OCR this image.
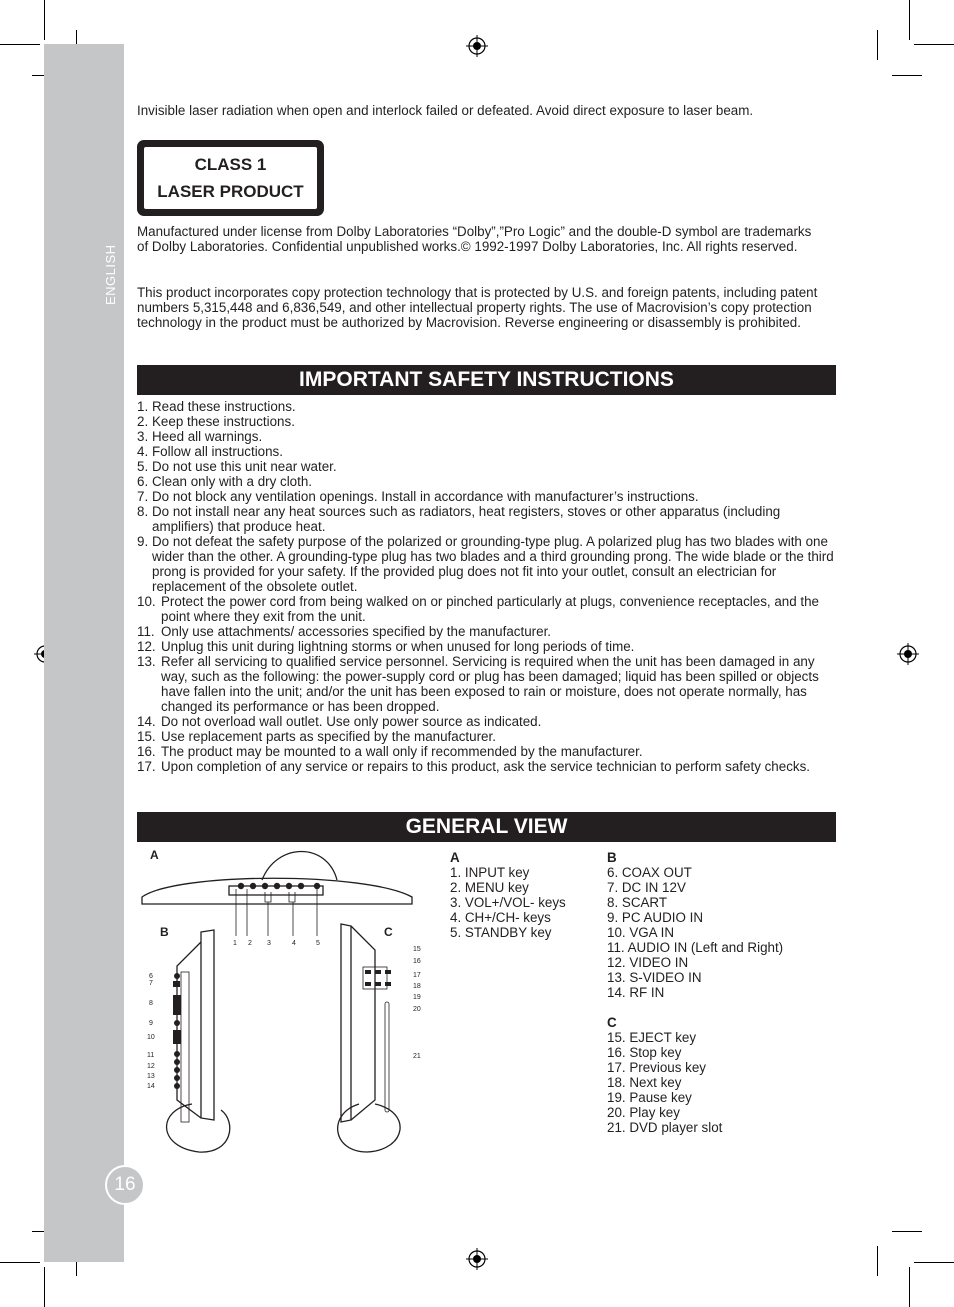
ENGLISH
16

Invisible laser radiation when open and interlock failed or defeated. Avoid direct exposure to laser beam.

CLASS 1
LASER PRODUCT

Manufactured under license from Dolby Laboratories “Dolby”,”Pro Logic” and the double-D symbol are trademarks of Dolby Laboratories. Confidential unpublished works.© 1992-1997 Dolby Laboratories, Inc. All rights reserved.

This product incorporates copy protection technology that is protected by U.S. and foreign patents, including patent numbers 5,315,448 and 6,836,549, and other intellectual property rights. The use of Macrovision’s copy protection technology in the product must be authorized by Macrovision. Reverse engineering or disassembly is prohibited.

IMPORTANT SAFETY INSTRUCTIONS
1. Read these instructions.
2. Keep these instructions.
3. Heed all warnings.
4. Follow all instructions.
5. Do not use this unit near water.
6. Clean only with a dry cloth.
7. Do not block any ventilation openings. Install in accordance with manufacturer’s instructions.
8. Do not install near any heat sources such as radiators, heat registers, stoves or other apparatus (including amplifiers) that produce heat.
9. Do not defeat the safety purpose of the polarized or grounding-type plug. A polarized plug has two blades with one wider than the other. A grounding-type plug has two blades and a third grounding prong. The wide blade or the third prong is provided for your safety. If the provided plug does not fit into your outlet, consult an electrician for replacement of the obsolete outlet.
10. Protect the power cord from being walked on or pinched particularly at plugs, convenience receptacles, and the point where they exit from the unit.
11. Only use attachments/ accessories specified by the manufacturer.
12. Unplug this unit during lightning storms or when unused for long periods of time.
13. Refer all servicing to qualified service personnel. Servicing is required when the unit has been damaged in any way, such as the following: the power-supply cord or plug has been damaged; liquid has been spilled or objects have fallen into the unit; and/or the unit has been exposed to rain or moisture, does not operate normally, has changed its performance or has been dropped.
14. Do not overload wall outlet. Use only power source as indicated.
15. Use replacement parts as specified by the manufacturer.
16. The product may be mounted to a wall only if recommended by the manufacturer.
17. Upon completion of any service or repairs to this product, ask the service technician to perform safety checks.
GENERAL VIEW
1 2 3	4	5
A
B	C
6
7
8
9
10
11
12
13
14
15
16
17
18
19
20
21
A
1. INPUT key
2. MENU key
3. VOL+/VOL- keys
4. CH+/CH- keys
5. STANDBY key
B
6. COAX OUT
7. DC IN 12V
8. SCART
9. PC AUDIO IN
10. VGA IN
11. AUDIO IN (Left and Right)
12. VIDEO IN
13. S-VIDEO IN
14. RF IN
C
15. EJECT key
16. Stop key
17. Previous key
18. Next key
19. Pause key
20. Play key
21. DVD player slot
